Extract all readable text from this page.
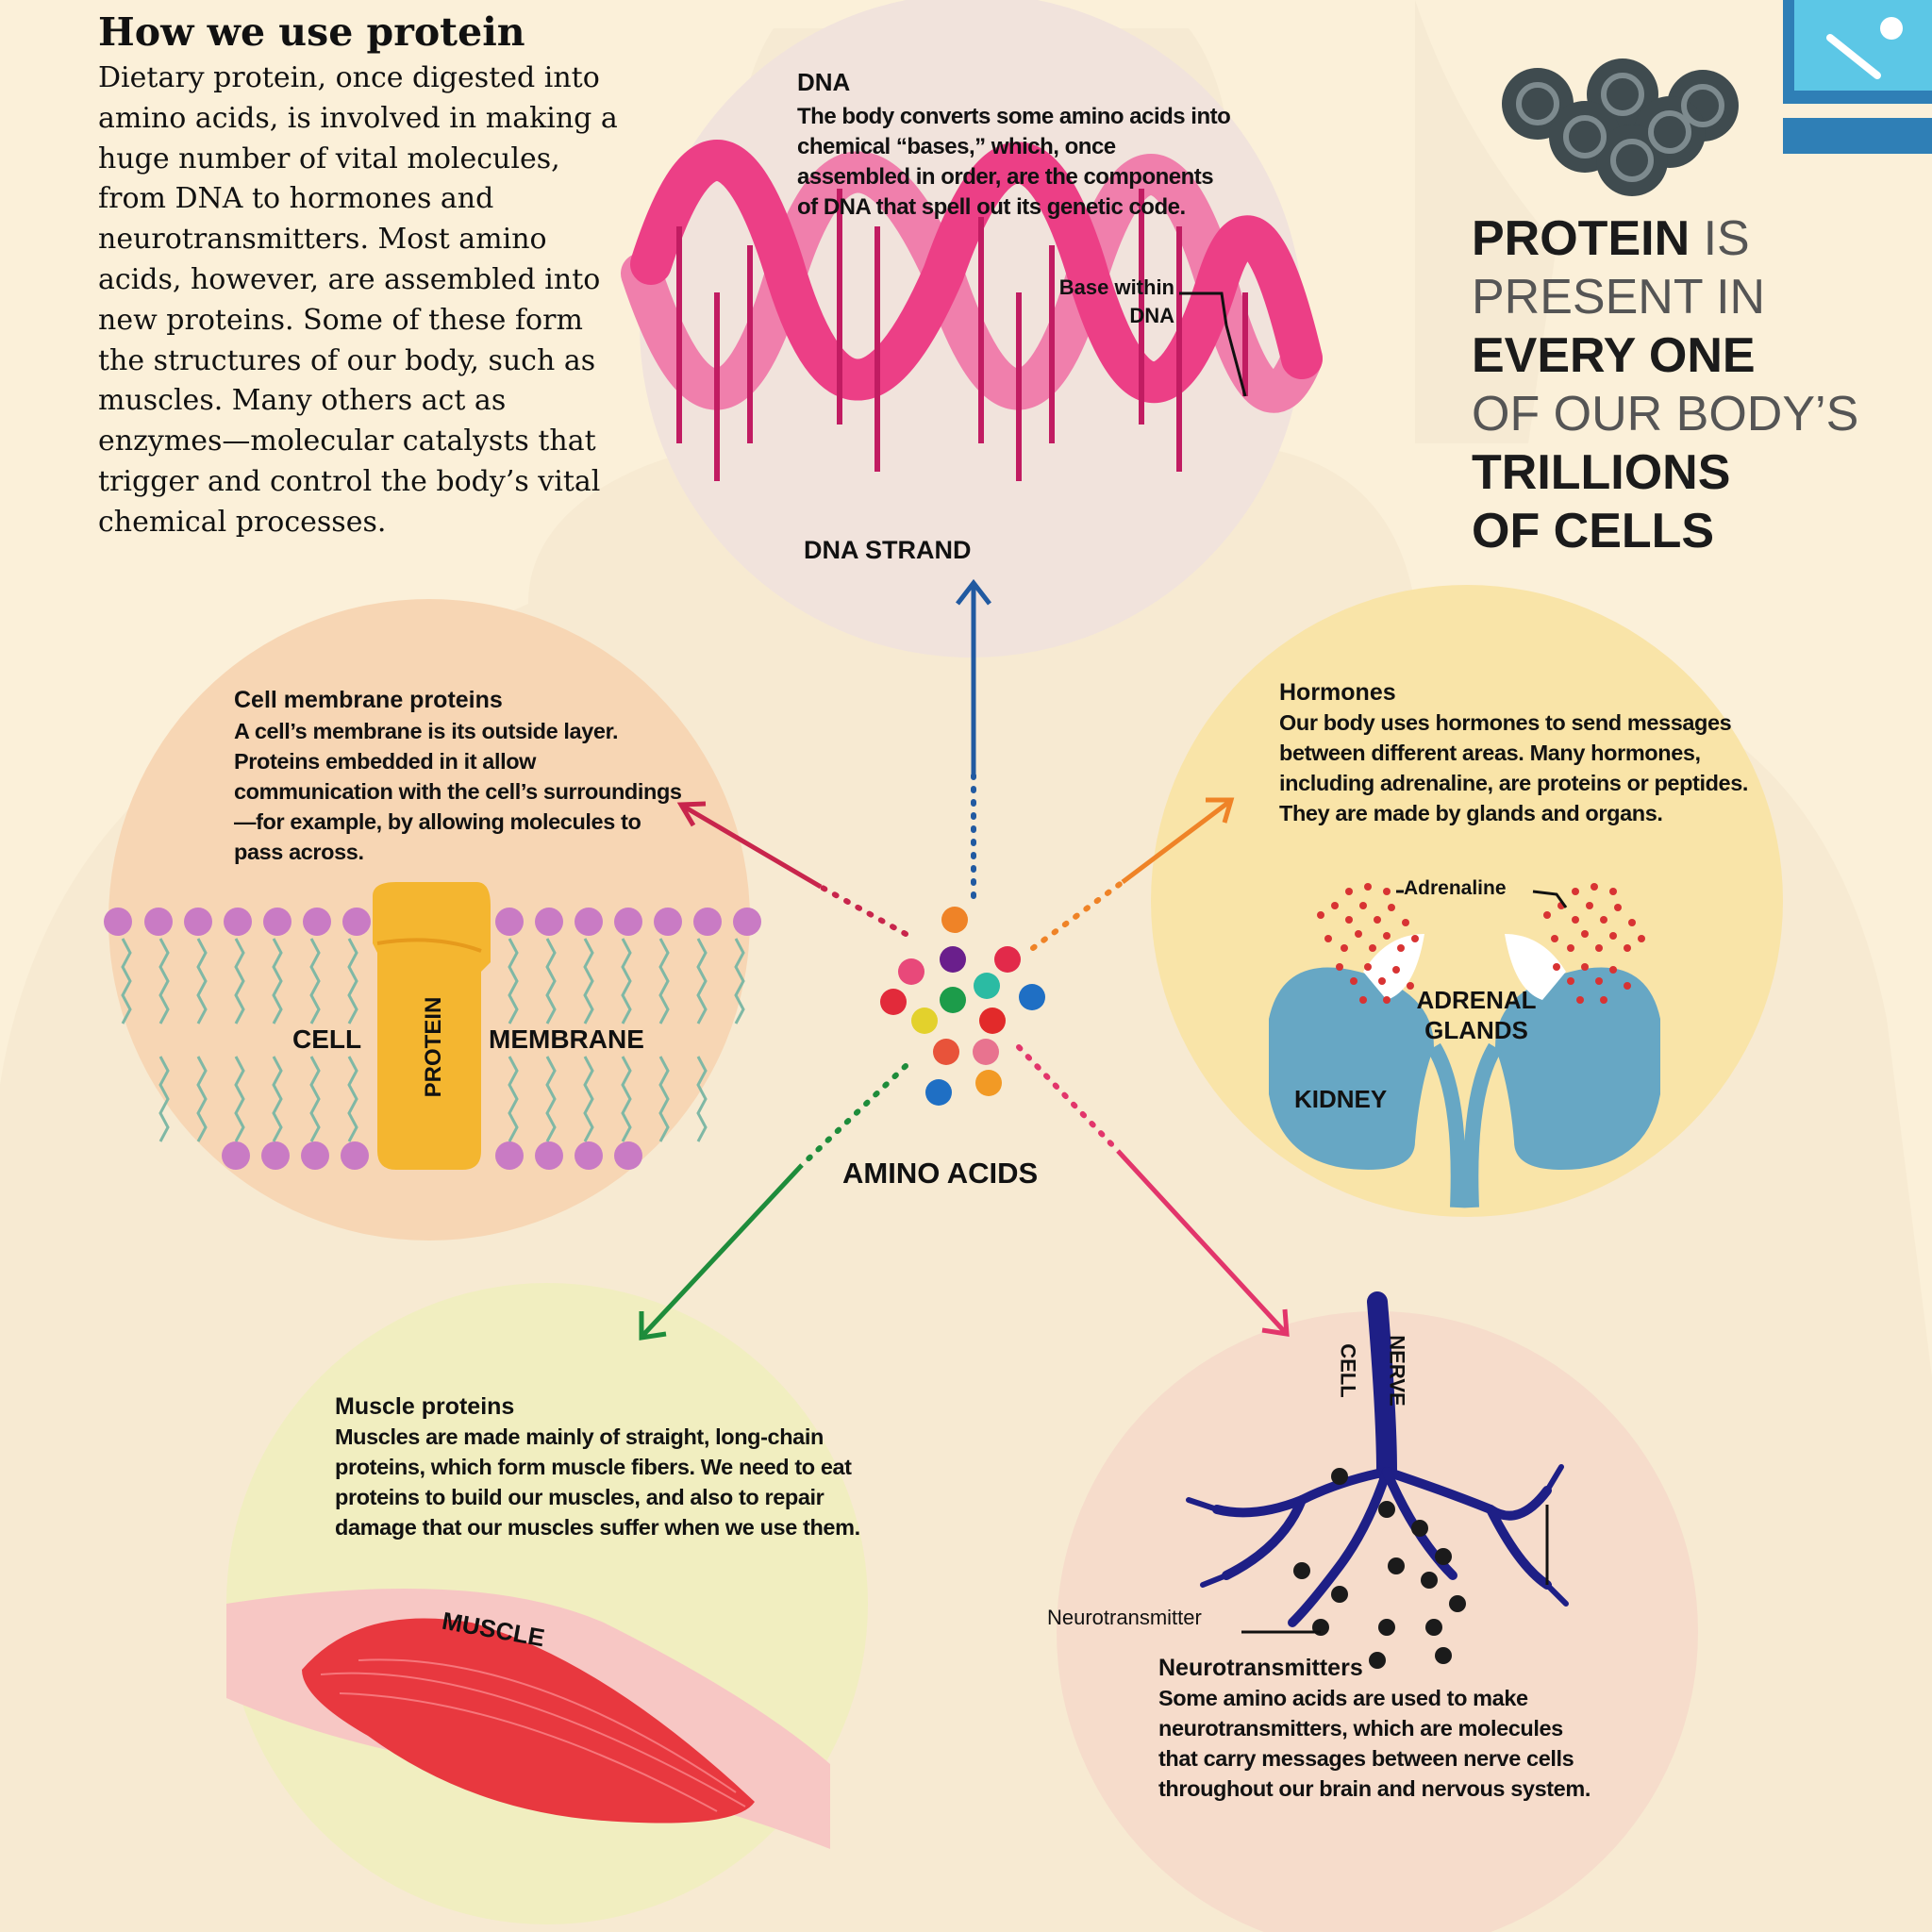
How we use protein
Dietary protein, once digested into amino acids, is involved in making a huge number of vital molecules, from DNA to hormones and neurotransmitters. Most amino acids, however, are assembled into new proteins. Some of these form the structures of our body, such as muscles. Many others act as enzymes—molecular catalysts that trigger and control the body’s vital chemical processes.
PROTEIN IS
PRESENT IN
EVERY ONE
OF OUR BODY’S
TRILLIONS
OF CELLS
DNA
The body converts some amino acids into chemical “bases,” which, once assembled in order, are the components of DNA that spell out its genetic code.
Base within
DNA
DNA STRAND
Cell membrane proteins
A cell’s membrane is its outside layer. Proteins embedded in it allow communication with the cell’s surroundings—for example, by allowing molecules to pass across.
CELL	MEMBRANE
PROTEIN
Hormones
Our body uses hormones to send messages between different areas. Many hormones, including adrenaline, are proteins or peptides. They are made by glands and organs.
Adrenaline
ADRENAL
GLANDS
KIDNEY
AMINO ACIDS
Muscle proteins
Muscles are made mainly of straight, long-chain proteins, which form muscle fibers. We need to eat proteins to build our muscles, and also to repair damage that our muscles suffer when we use them.
MUSCLE
NERVE
CELL
Neurotransmitter
Neurotransmitters
Some amino acids are used to make neurotransmitters, which are molecules that carry messages between nerve cells throughout our brain and nervous system.
